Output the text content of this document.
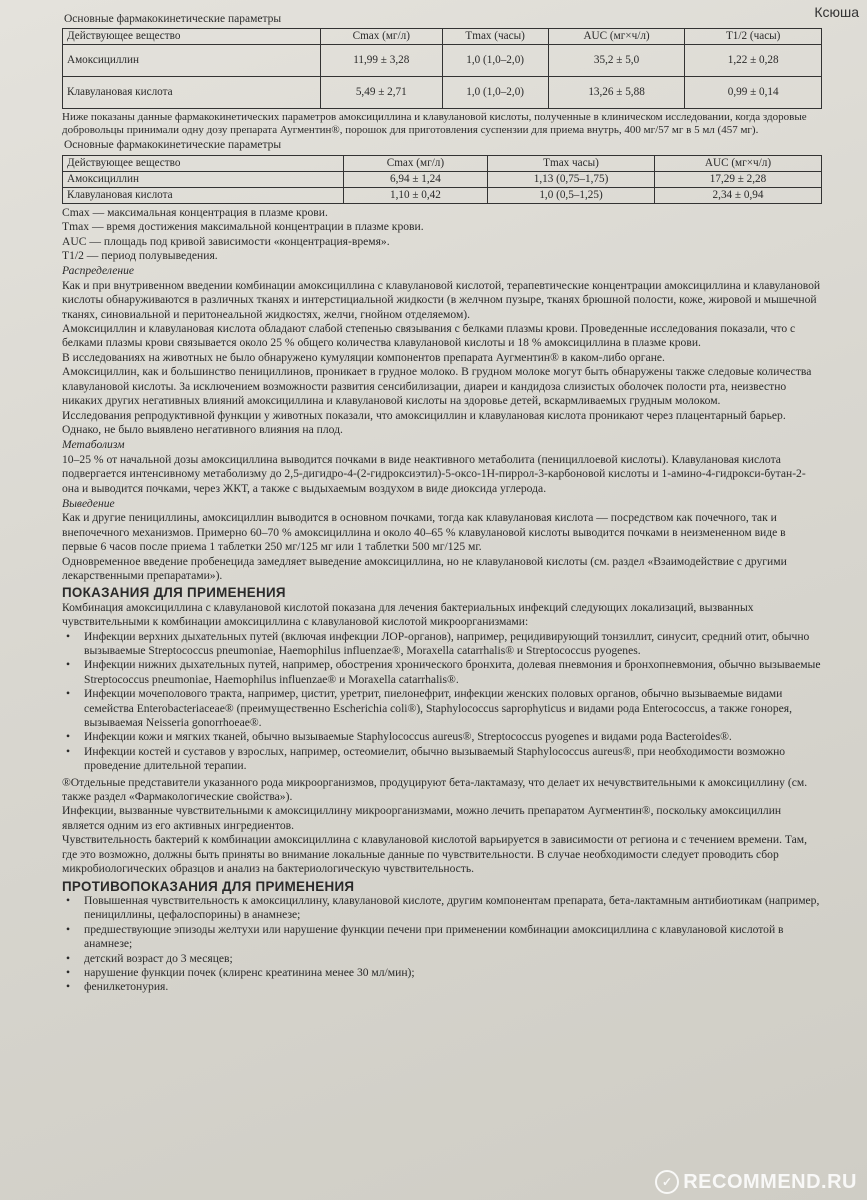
Ксюша
Основные фармакокинетические параметры
Действующее вещество	Cmax (мг/л)	Tmax (часы)	AUC (мг×ч/л)	T1/2 (часы)
Амоксициллин	11,99 ± 3,28	1,0 (1,0–2,0)	35,2 ± 5,0	1,22 ± 0,28
Клавулановая кислота	5,49 ± 2,71	1,0 (1,0–2,0)	13,26 ± 5,88	0,99 ± 0,14

Ниже показаны данные фармакокинетических параметров амоксициллина и клавулановой кислоты, полученные в клиническом исследовании, когда здоровые добровольцы принимали одну дозу препарата Аугментин®, порошок для приготовления суспензии для приема внутрь, 400 мг/57 мг в 5 мл (457 мг).

Основные фармакокинетические параметры
Действующее вещество	Cmax (мг/л)	Tmax часы)	AUC (мг×ч/л)
Амоксициллин	6,94 ± 1,24	1,13 (0,75–1,75)	17,29 ± 2,28
Клавулановая кислота	1,10 ± 0,42	1,0 (0,5–1,25)	2,34 ± 0,94

Cmax — максимальная концентрация в плазме крови.

Tmax — время достижения максимальной концентрации в плазме крови.

AUC — площадь под кривой зависимости «концентрация-время».

T1/2 — период полувыведения.

Распределение

Как и при внутривенном введении комбинации амоксициллина с клавулановой кислотой, терапевтические концентрации амоксициллина и клавулановой кислоты обнаруживаются в различных тканях и интерстициальной жидкости (в желчном пузыре, тканях брюшной полости, коже, жировой и мышечной тканях, синовиальной и перитонеальной жидкостях, желчи, гнойном отделяемом).

Амоксициллин и клавулановая кислота обладают слабой степенью связывания с белками плазмы крови. Проведенные исследования показали, что с белками плазмы крови связывается около 25 % общего количества клавулановой кислоты и 18 % амоксициллина в плазме крови.

В исследованиях на животных не было обнаружено кумуляции компонентов препарата Аугментин® в каком-либо органе.

Амоксициллин, как и большинство пенициллинов, проникает в грудное молоко. В грудном молоке могут быть обнаружены также следовые количества клавулановой кислоты. За исключением возможности развития сенсибилизации, диареи и кандидоза слизистых оболочек полости рта, неизвестно никаких других негативных влияний амоксициллина и клавулановой кислоты на здоровье детей, вскармливаемых грудным молоком.

Исследования репродуктивной функции у животных показали, что амоксициллин и клавулановая кислота проникают через плацентарный барьер. Однако, не было выявлено негативного влияния на плод.

Метаболизм

10–25 % от начальной дозы амоксициллина выводится почками в виде неактивного метаболита (пенициллоевой кислоты). Клавулановая кислота подвергается интенсивному метаболизму до 2,5-дигидро-4-(2-гидроксиэтил)-5-оксо-1Н-пиррол-3-карбоновой кислоты и 1-амино-4-гидрокси-бутан-2-она и выводится почками, через ЖКТ, а также с выдыхаемым воздухом в виде диоксида углерода.

Выведение

Как и другие пенициллины, амоксициллин выводится в основном почками, тогда как клавулановая кислота — посредством как почечного, так и внепочечного механизмов. Примерно 60–70 % амоксициллина и около 40–65 % клавулановой кислоты выводится почками в неизмененном виде в первые 6 часов после приема 1 таблетки 250 мг/125 мг или 1 таблетки 500 мг/125 мг.

Одновременное введение пробенецида замедляет выведение амоксициллина, но не клавулановой кислоты (см. раздел «Взаимодействие с другими лекарственными препаратами»).

ПОКАЗАНИЯ ДЛЯ ПРИМЕНЕНИЯ

Комбинация амоксициллина с клавулановой кислотой показана для лечения бактериальных инфекций следующих локализаций, вызванных чувствительными к комбинации амоксициллина с клавулановой кислотой микроорганизмами:

• Инфекции верхних дыхательных путей (включая инфекции ЛОР-органов), например, рецидивирующий тонзиллит, синусит, средний отит, обычно вызываемые Streptococcus pneumoniae, Haemophilus influenzae®, Moraxella catarrhalis® и Streptococcus pyogenes.
• Инфекции нижних дыхательных путей, например, обострения хронического бронхита, долевая пневмония и бронхопневмония, обычно вызываемые Streptococcus pneumoniae, Haemophilus influenzae® и Moraxella catarrhalis®.
• Инфекции мочеполового тракта, например, цистит, уретрит, пиелонефрит, инфекции женских половых органов, обычно вызываемые видами семейства Enterobacteriaceae® (преимущественно Escherichia coli®), Staphylococcus saprophyticus и видами рода Enterococcus, а также гонорея, вызываемая Neisseria gonorrhoeae®.
• Инфекции кожи и мягких тканей, обычно вызываемые Staphylococcus aureus®, Streptococcus pyogenes и видами рода Bacteroides®.
• Инфекции костей и суставов у взрослых, например, остеомиелит, обычно вызываемый Staphylococcus aureus®, при необходимости возможно проведение длительной терапии.

®Отдельные представители указанного рода микроорганизмов, продуцируют бета-лактамазу, что делает их нечувствительными к амоксициллину (см. также раздел «Фармакологические свойства»).

Инфекции, вызванные чувствительными к амоксициллину микроорганизмами, можно лечить препаратом Аугментин®, поскольку амоксициллин является одним из его активных ингредиентов.

Чувствительность бактерий к комбинации амоксициллина с клавулановой кислотой варьируется в зависимости от региона и с течением времени. Там, где это возможно, должны быть приняты во внимание локальные данные по чувствительности. В случае необходимости следует проводить сбор микробиологических образцов и анализ на бактериологическую чувствительность.

ПРОТИВОПОКАЗАНИЯ ДЛЯ ПРИМЕНЕНИЯ
• Повышенная чувствительность к амоксициллину, клавулановой кислоте, другим компонентам препарата, бета-лактамным антибиотикам (например, пенициллины, цефалоспорины) в анамнезе;
• предшествующие эпизоды желтухи или нарушение функции печени при применении комбинации амоксициллина с клавулановой кислотой в анамнезе;
• детский возраст до 3 месяцев;
• нарушение функции почек (клиренс креатинина менее 30 мл/мин);
• фенилкетонурия.
✓ RECOMMEND.RU
